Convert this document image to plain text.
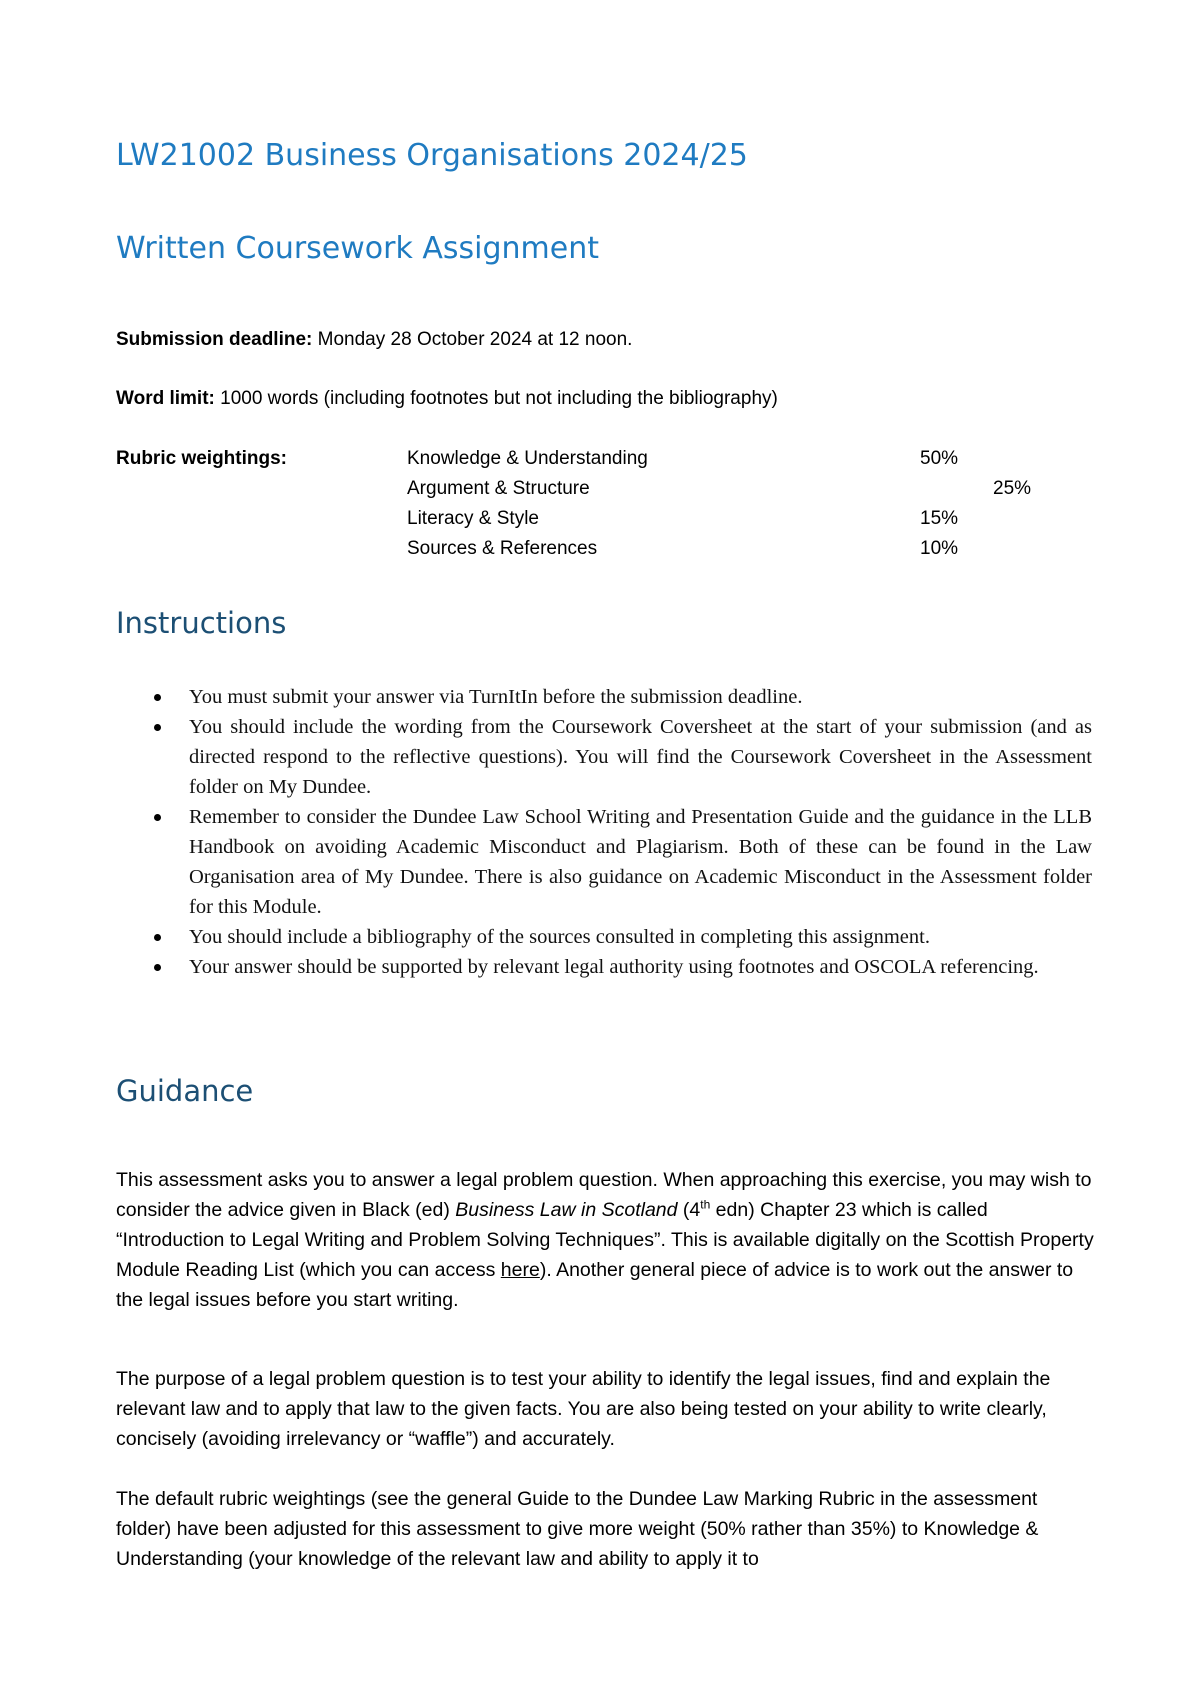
LW21002 Business Organisations 2024/25
Written Coursework Assignment
Submission deadline: Monday 28 October 2024 at 12 noon.
Word limit: 1000 words (including footnotes but not including the bibliography)
Rubric weightings:	Knowledge & Understanding	50%
Argument & Structure	25%
Literacy & Style	15%
Sources & References	10%
Instructions
You must submit your answer via TurnItIn before the submission deadline.
You should include the wording from the Coursework Coversheet at the start of your submission (and as directed respond to the reflective questions). You will find the Coursework Coversheet in the Assessment folder on My Dundee.
Remember to consider the Dundee Law School Writing and Presentation Guide and the guidance in the LLB Handbook on avoiding Academic Misconduct and Plagiarism. Both of these can be found in the Law Organisation area of My Dundee. There is also guidance on Academic Misconduct in the Assessment folder for this Module.
You should include a bibliography of the sources consulted in completing this assignment.
Your answer should be supported by relevant legal authority using footnotes and OSCOLA referencing.
Guidance

This assessment asks you to answer a legal problem question. When approaching this exercise, you may wish to consider the advice given in Black (ed) Business Law in Scotland (4th edn) Chapter 23 which is called “Introduction to Legal Writing and Problem Solving Techniques”. This is available digitally on the Scottish Property Module Reading List (which you can access here). Another general piece of advice is to work out the answer to the legal issues before you start writing.

The purpose of a legal problem question is to test your ability to identify the legal issues, find and explain the relevant law and to apply that law to the given facts. You are also being tested on your ability to write clearly, concisely (avoiding irrelevancy or “waffle”) and accurately.

The default rubric weightings (see the general Guide to the Dundee Law Marking Rubric in the assessment folder) have been adjusted for this assessment to give more weight (50% rather than 35%) to Knowledge & Understanding (your knowledge of the relevant law and ability to apply it to
